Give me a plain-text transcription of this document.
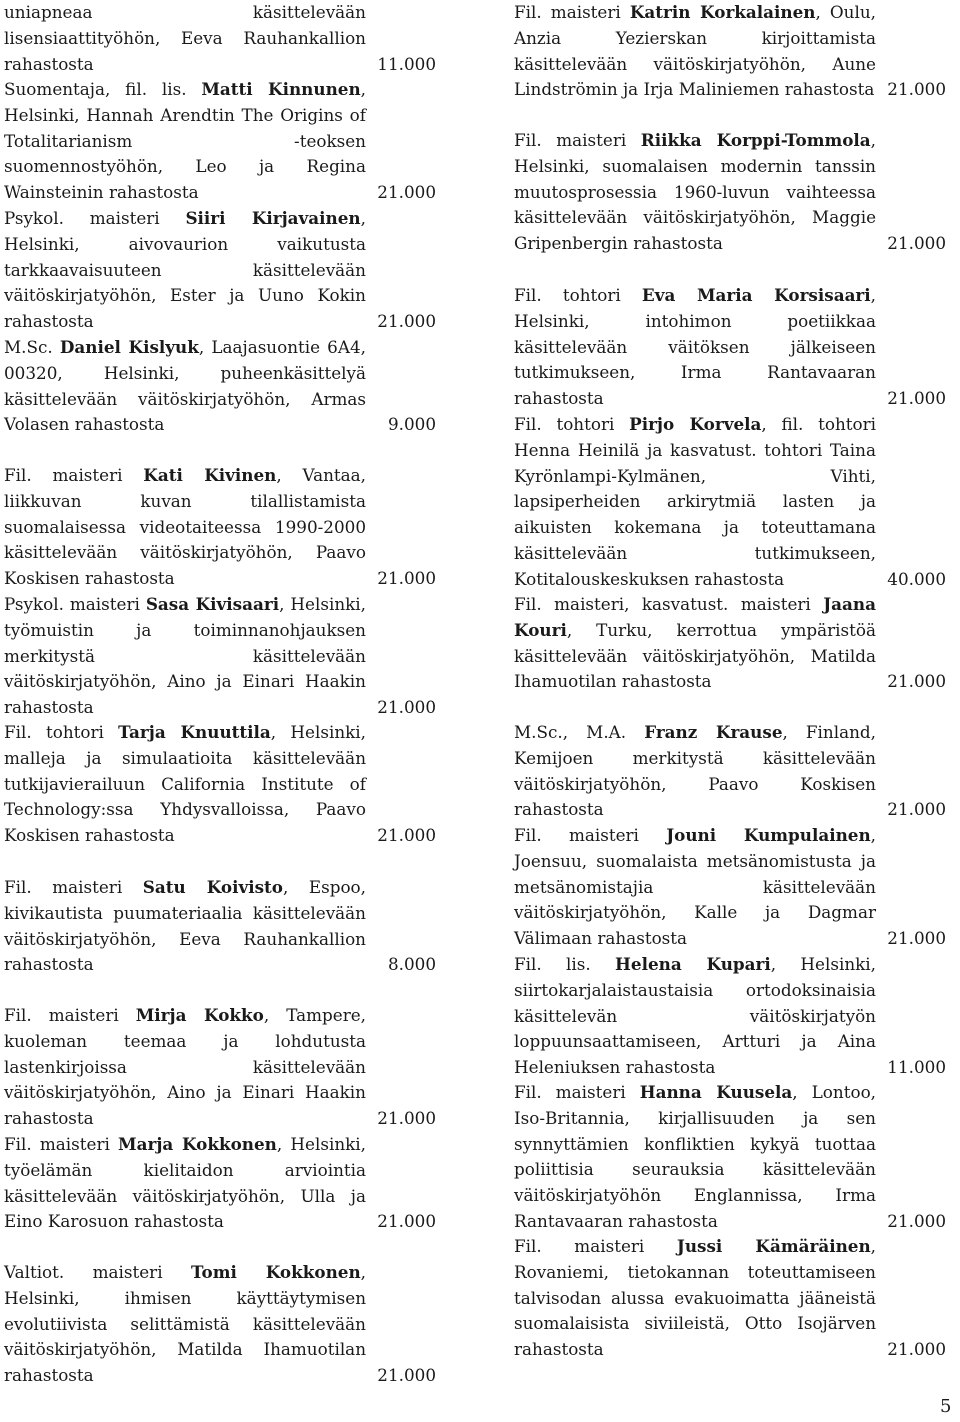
uniapneaa käsittelevään lisensiaattityöhön, Eeva Rauhankallion rahastosta	11.000
Suomentaja, fil. lis. Matti Kinnunen, Helsinki, Hannah Arendtin The Origins of Totalitarianism -teoksen suomennostyöhön, Leo ja Regina Wainsteinin rahastosta	21.000
Psykol. maisteri Siiri Kirjavainen, Helsinki, aivovaurion vaikutusta tarkkaavaisuuteen käsittelevään väitöskirjatyöhön, Ester ja Uuno Kokin rahastosta	21.000
M.Sc. Daniel Kislyuk, Laajasuontie 6A4, 00320, Helsinki, puheenkäsittelyä käsittelevään väitöskirjatyöhön, Armas Volasen rahastosta	9.000
Fil. maisteri Kati Kivinen, Vantaa, liikkuvan kuvan tilallistamista suomalaisessa videotaiteessa 1990-2000 käsittelevään väitöskirjatyöhön, Paavo Koskisen rahastosta	21.000
Psykol. maisteri Sasa Kivisaari, Helsinki, työmuistin ja toiminnanohjauksen merkitystä käsittelevään väitöskirjatyöhön, Aino ja Einari Haakin rahastosta	21.000
Fil. tohtori Tarja Knuuttila, Helsinki, malleja ja simulaatioita käsittelevään tutkijavierailuun California Institute of Technology:ssa Yhdysvalloissa, Paavo Koskisen rahastosta	21.000
Fil. maisteri Satu Koivisto, Espoo, kivikautista puumateriaalia käsittelevään väitöskirjatyöhön, Eeva Rauhankallion rahastosta	8.000
Fil. maisteri Mirja Kokko, Tampere, kuoleman teemaa ja lohdutusta lastenkirjoissa käsittelevään väitöskirjatyöhön, Aino ja Einari Haakin rahastosta	21.000
Fil. maisteri Marja Kokkonen, Helsinki, työelämän kielitaidon arviointia käsittelevään väitöskirjatyöhön, Ulla ja Eino Karosuon rahastosta	21.000
Valtiot. maisteri Tomi Kokkonen, Helsinki, ihmisen käyttäytymisen evolutiivista selittämistä käsittelevään väitöskirjatyöhön, Matilda Ihamuotilan rahastosta	21.000
Fil. maisteri Katrin Korkalainen, Oulu, Anzia Yezierskan kirjoittamista käsittelevään väitöskirjatyöhön, Aune Lindströmin ja Irja Maliniemen rahastosta 21.000
Fil. maisteri Riikka Korppi-Tommola, Helsinki, suomalaisen modernin tanssin muutosprosessia 1960-luvun vaihteessa käsittelevään väitöskirjatyöhön, Maggie Gripenbergin rahastosta	21.000
Fil. tohtori Eva Maria Korsisaari, Helsinki, intohimon poetiikkaa käsittelevään väitöksen jälkeiseen tutkimukseen, Irma Rantavaaran rahastosta	21.000
Fil. tohtori Pirjo Korvela, fil. tohtori Henna Heinilä ja kasvatust. tohtori Taina Kyrönlampi-Kylmänen, Vihti, lapsiperheiden arkirytmiä lasten ja aikuisten kokemana ja toteuttamana käsittelevään tutkimukseen, Kotitalouskeskuksen rahastosta	40.000
Fil. maisteri, kasvatust. maisteri Jaana Kouri, Turku, kerrottua ympäristöä käsittelevään väitöskirjatyöhön, Matilda Ihamuotilan rahastosta	21.000
M.Sc., M.A. Franz Krause, Finland, Kemijoen merkitystä käsittelevään väitöskirjatyöhön, Paavo Koskisen rahastosta	21.000
Fil. maisteri Jouni Kumpulainen, Joensuu, suomalaista metsänomistusta ja metsänomistajia käsittelevään väitöskirjatyöhön, Kalle ja Dagmar Välimaan rahastosta	21.000
Fil. lis. Helena Kupari, Helsinki, siirtokarjalaistaustaisia ortodoksinaisia käsittelevän väitöskirjatyön loppuunsaattamiseen, Artturi ja Aina Heleniuksen rahastosta	11.000
Fil. maisteri Hanna Kuusela, Lontoo, Iso-Britannia, kirjallisuuden ja sen synnyttämien konfliktien kykyä tuottaa poliittisia seurauksia käsittelevään väitöskirjatyöhön Englannissa, Irma Rantavaaran rahastosta	21.000
Fil. maisteri Jussi Kämäräinen, Rovaniemi, tietokannan toteuttamiseen talvisodan alussa evakuoimatta jääneistä suomalaisista siviileistä, Otto Isojärven rahastosta	21.000
5
